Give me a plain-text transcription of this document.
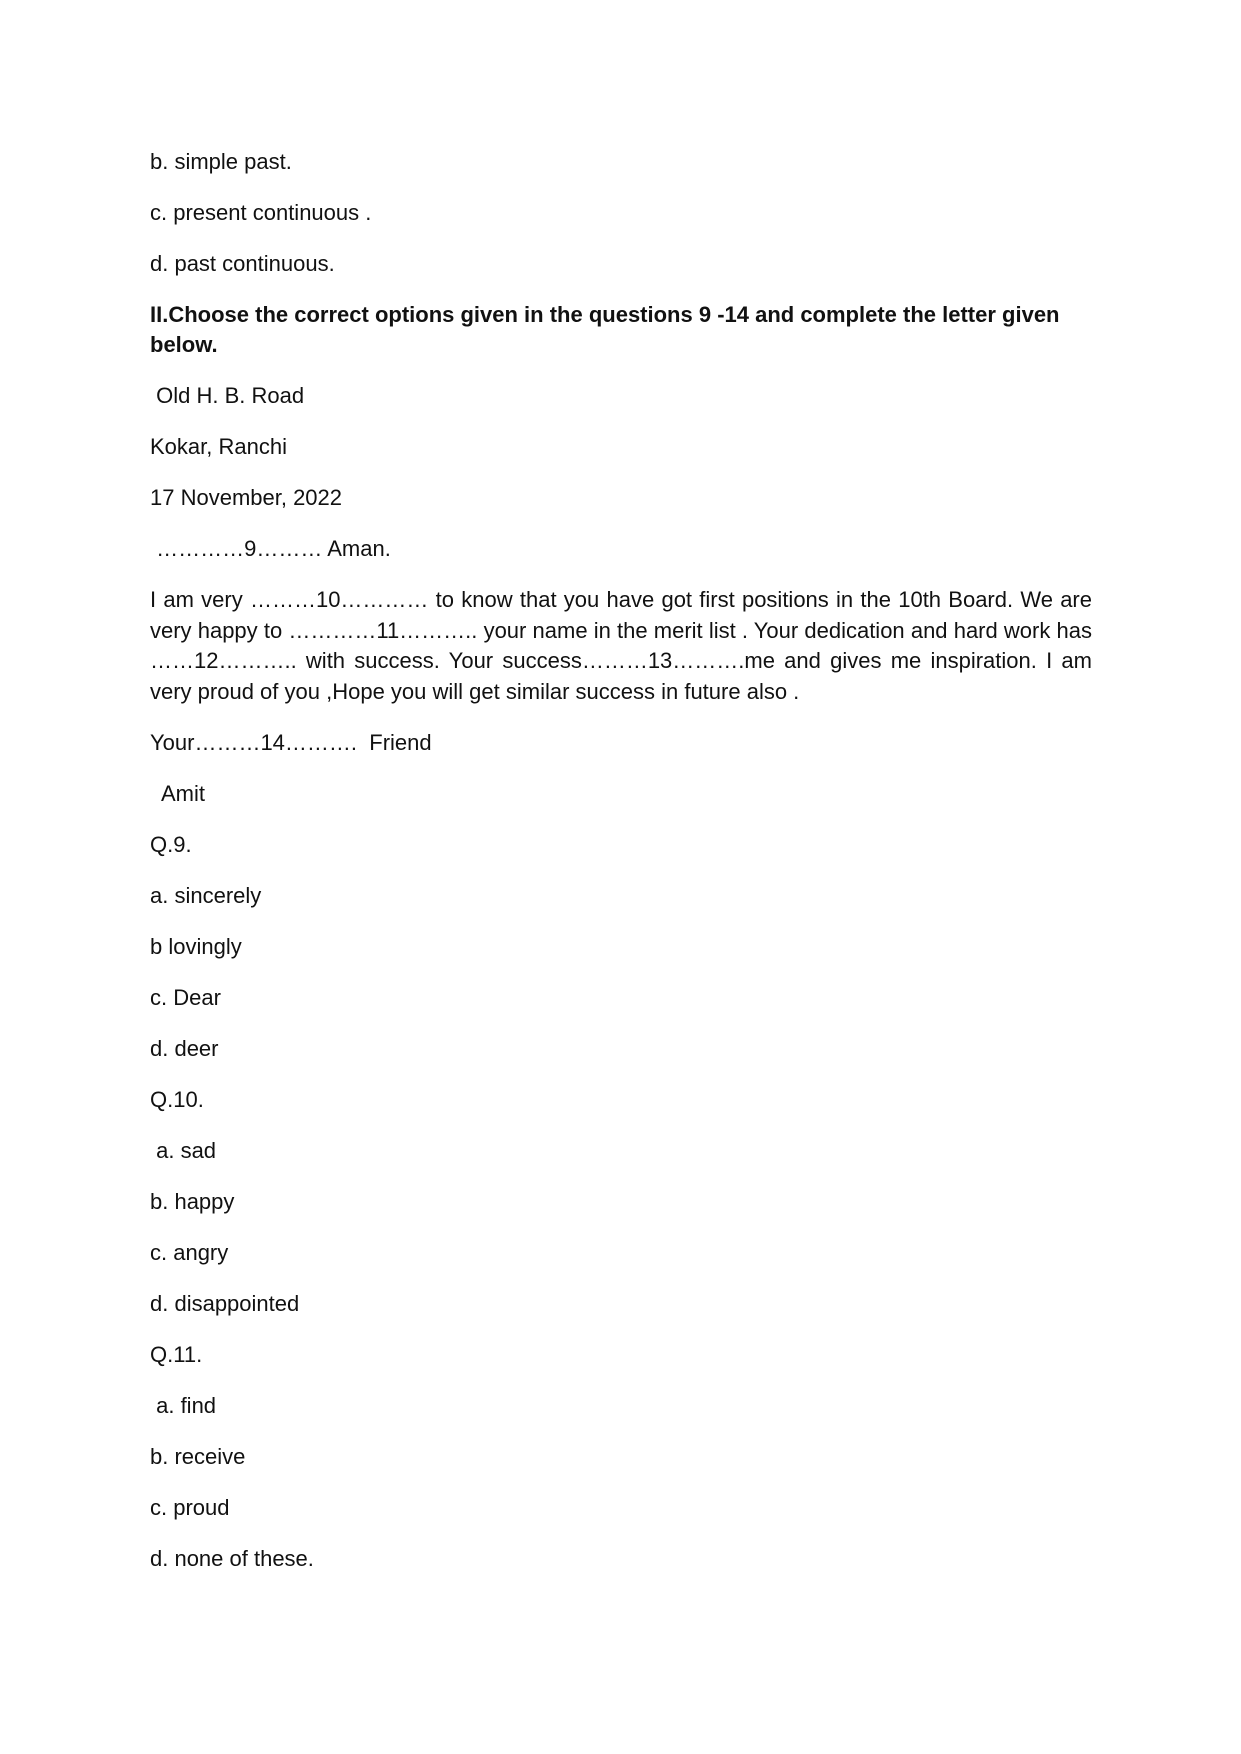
b. simple past.

c. present continuous .

d. past continuous.

II.Choose the correct options given in the questions 9 -14 and complete the letter given below.

Old H. B. Road

Kokar, Ranchi

17 November, 2022

…………9……… Aman.

I am very ………10………… to know that you have got first positions in the 10th Board. We are very happy to …………11……….. your name in the merit list . Your dedication and hard work has ……12……….. with success. Your success………13……….me and gives me inspiration. I am very proud of you ,Hope you will get similar success in future also .

Your………14……….  Friend

Amit

Q.9.

a. sincerely

b lovingly

c. Dear

d. deer

Q.10.

a. sad

b. happy

c. angry

d. disappointed

Q.11.

a. find

b. receive

c. proud

d. none of these.
